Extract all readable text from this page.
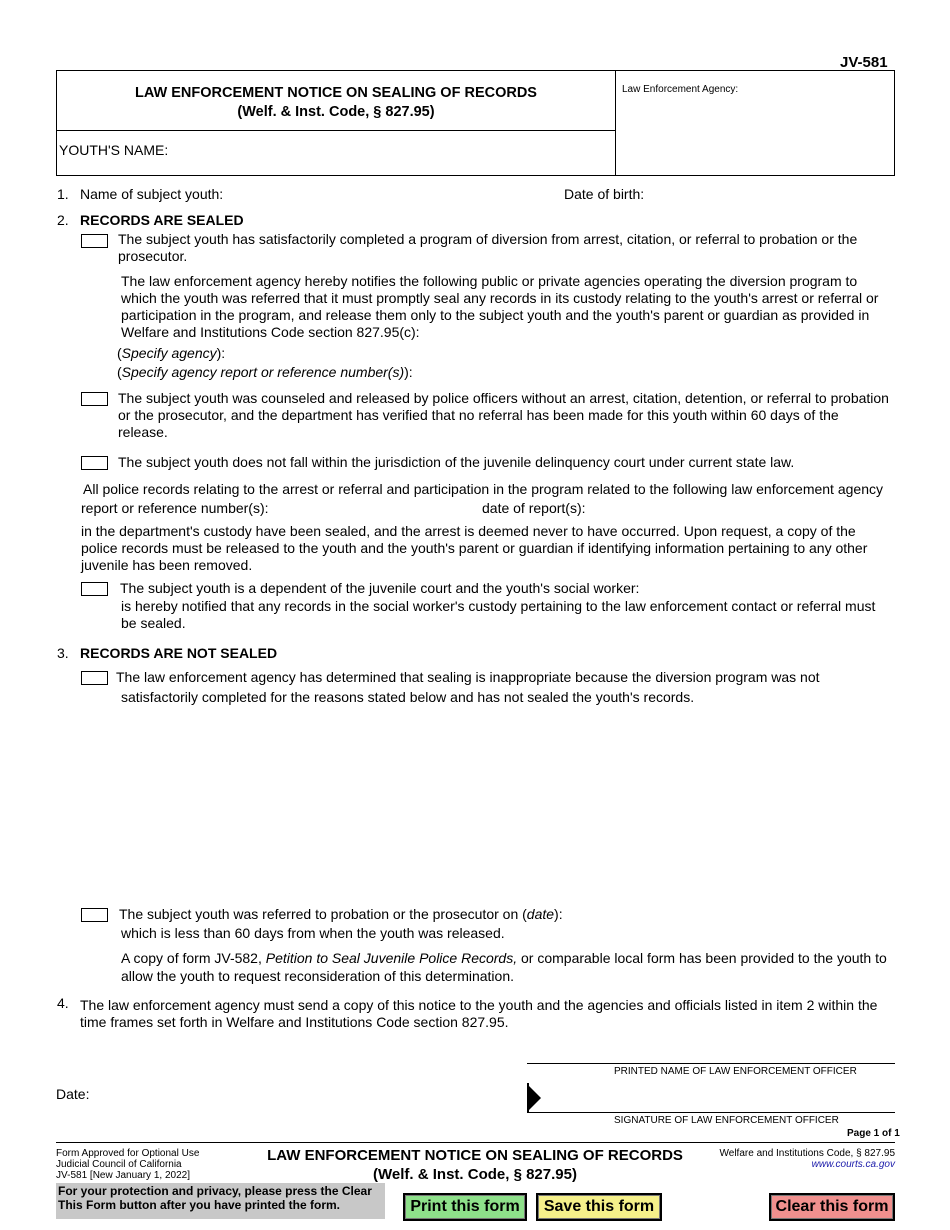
JV-581
LAW ENFORCEMENT NOTICE ON SEALING OF RECORDS
(Welf. & Inst. Code, § 827.95)
YOUTH'S NAME:
Law Enforcement Agency:
1. Name of subject youth:	Date of birth:
2. RECORDS ARE SEALED
The subject youth has satisfactorily completed a program of diversion from arrest, citation, or referral to probation or the
prosecutor.
The law enforcement agency hereby notifies the following public or private agencies operating the diversion program to
which the youth was referred that it must promptly seal any records in its custody relating to the youth's arrest or referral or
participation in the program, and release them only to the subject youth and the youth's parent or guardian as provided in
Welfare and Institutions Code section 827.95(c):
(Specify agency):
(Specify agency report or reference number(s)):
The subject youth was counseled and released by police officers without an arrest, citation, detention, or referral to probation
or the prosecutor, and the department has verified that no referral has been made for this youth within 60 days of the
release.
The subject youth does not fall within the jurisdiction of the juvenile delinquency court under current state law.
All police records relating to the arrest or referral and participation in the program related to the following law enforcement agency
report or reference number(s):	date of report(s):
in the department's custody have been sealed, and the arrest is deemed never to have occurred. Upon request, a copy of the
police records must be released to the youth and the youth's parent or guardian if identifying information pertaining to any other
juvenile has been removed.
The subject youth is a dependent of the juvenile court and the youth's social worker:
is hereby notified that any records in the social worker's custody pertaining to the law enforcement contact or referral must
be sealed.
3. RECORDS ARE NOT SEALED
The law enforcement agency has determined that sealing is inappropriate because the diversion program was not
satisfactorily completed for the reasons stated below and has not sealed the youth's records.
The subject youth was referred to probation or the prosecutor on (date):
which is less than 60 days from when the youth was released.
A copy of form JV-582, Petition to Seal Juvenile Police Records, or comparable local form has been provided to the youth to
allow the youth to request reconsideration of this determination.
4. The law enforcement agency must send a copy of this notice to the youth and the agencies and officials listed in item 2 within the
time frames set forth in Welfare and Institutions Code section 827.95.
PRINTED NAME OF LAW ENFORCEMENT OFFICER
Date:
SIGNATURE OF LAW ENFORCEMENT OFFICER
Page 1 of 1
Form Approved for Optional Use
Judicial Council of California
JV-581 [New January 1, 2022]
LAW ENFORCEMENT NOTICE ON SEALING OF RECORDS
(Welf. & Inst. Code, § 827.95)
Welfare and Institutions Code, § 827.95
www.courts.ca.gov
For your protection and privacy, please press the Clear
This Form button after you have printed the form.	Print this form	Save this form	Clear this form
